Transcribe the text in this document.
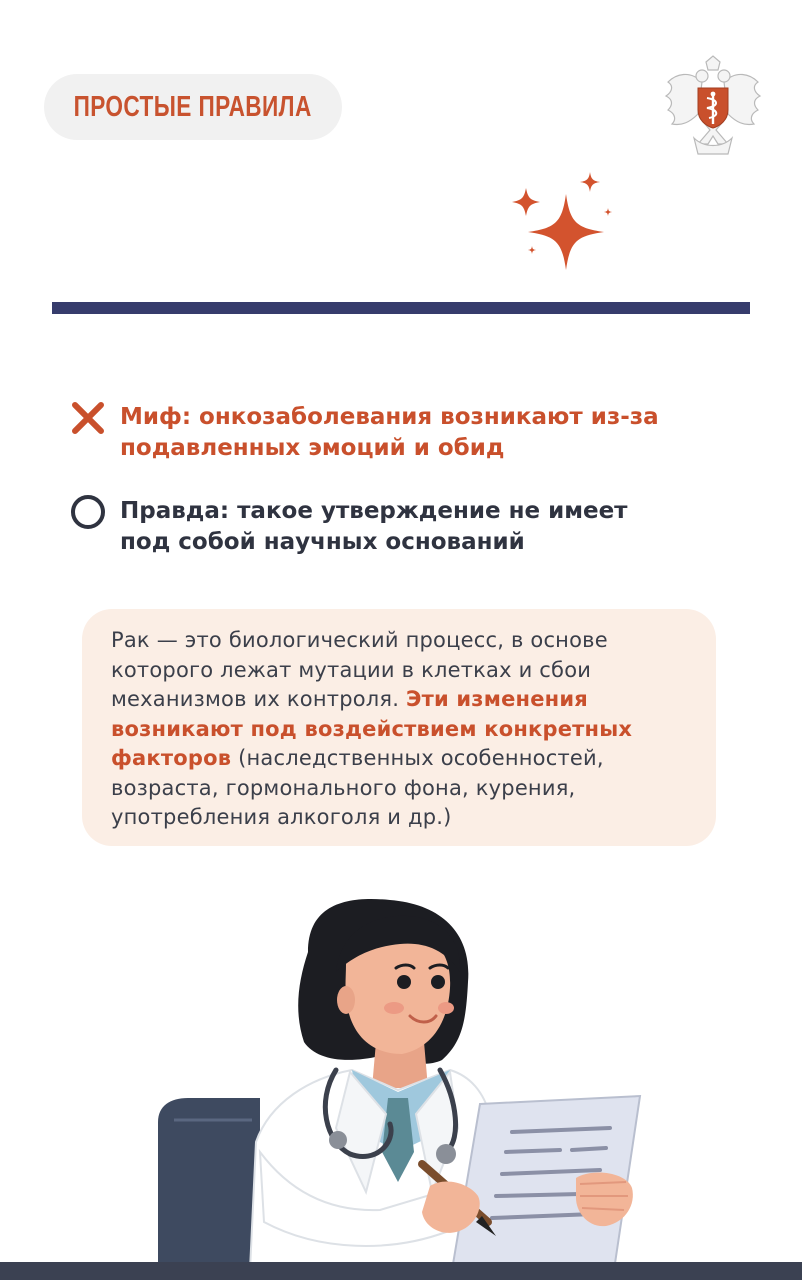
ПРОСТЫЕ ПРАВИЛА
Миф: онкозаболевания возникают из-за подавленных эмоций и обид
Правда: такое утверждение не имеет под собой научных оснований
Рак — это биологический процесс, в основе которого лежат мутации в клетках и сбои механизмов их контроля. Эти изменения возникают под воздействием конкретных факторов (наследственных особенностей, возраста, гормонального фона, курения, употребления алкоголя и др.)
